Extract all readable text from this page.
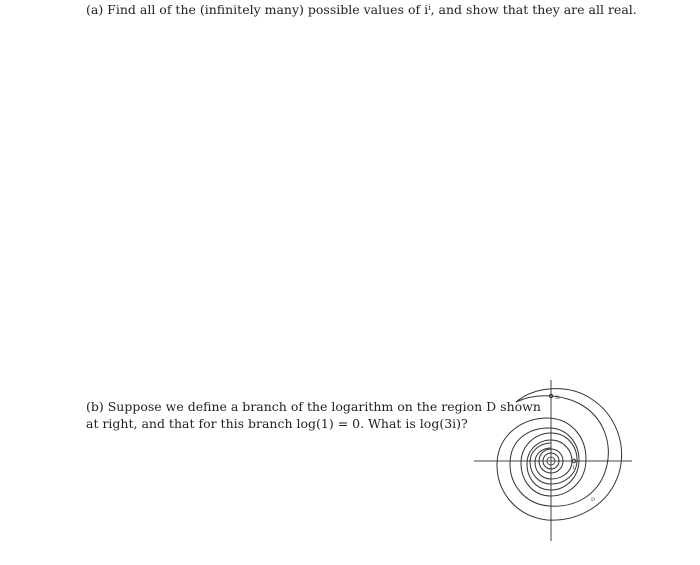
(a) Find all of the (infinitely many) possible values of iⁱ, and show that they are all real.
(b) Suppose we define a branch of the logarithm on the region D shown
at right, and that for this branch log(1) = 0. What is log(3i)?
3i
1
D
